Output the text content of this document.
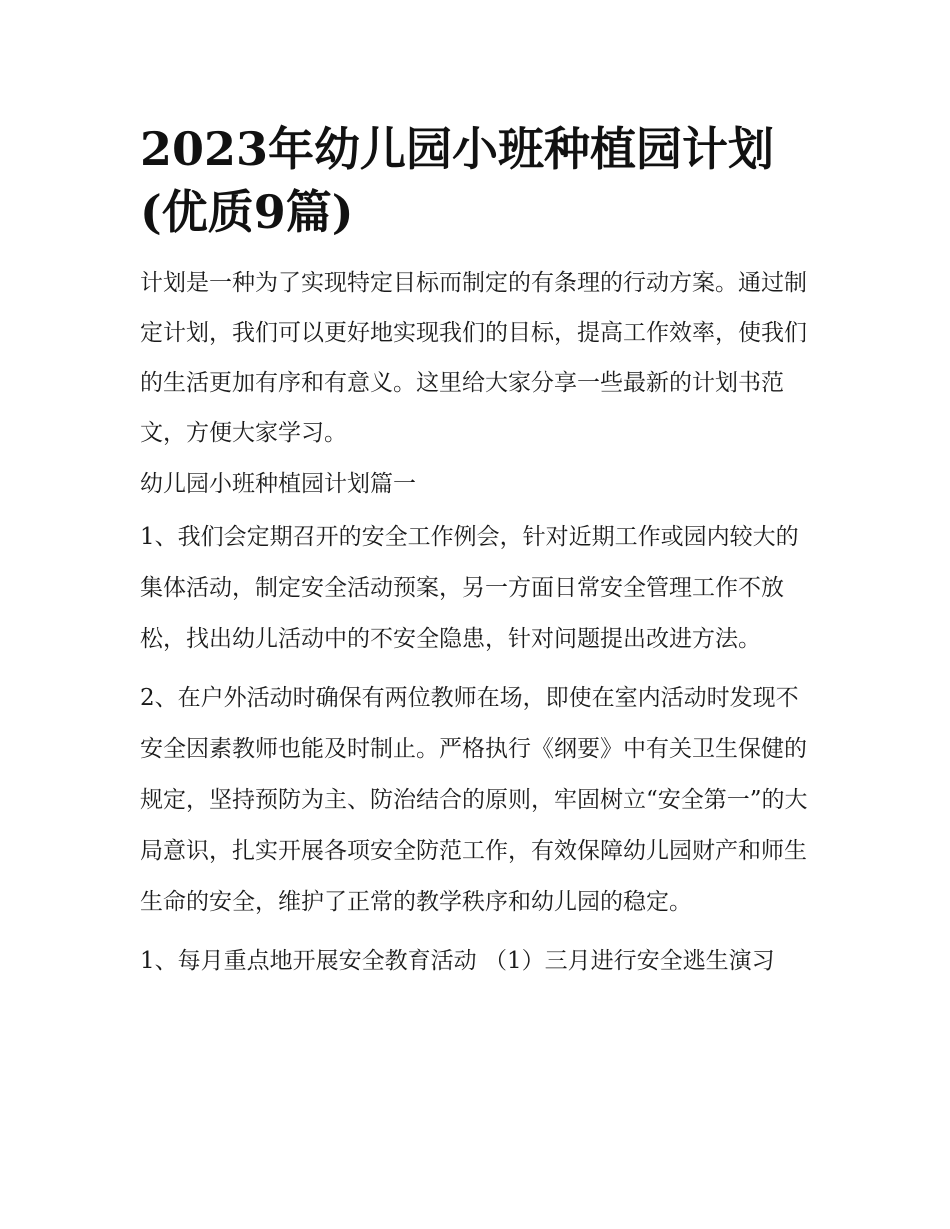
2023年幼儿园小班种植园计划(优质9篇)

计划是一种为了实现特定目标而制定的有条理的行动方案。通过制定计划，我们可以更好地实现我们的目标，提高工作效率，使我们的生活更加有序和有意义。这里给大家分享一些最新的计划书范文，方便大家学习。

幼儿园小班种植园计划篇一

1、我们会定期召开的安全工作例会，针对近期工作或园内较大的集体活动，制定安全活动预案，另一方面日常安全管理工作不放松，找出幼儿活动中的不安全隐患，针对问题提出改进方法。

2、在户外活动时确保有两位教师在场，即使在室内活动时发现不安全因素教师也能及时制止。严格执行《纲要》中有关卫生保健的规定，坚持预防为主、防治结合的原则，牢固树立“安全第一”的大局意识，扎实开展各项安全防范工作，有效保障幼儿园财产和师生生命的安全，维护了正常的教学秩序和幼儿园的稳定。

1、每月重点地开展安全教育活动 （1）三月进行安全逃生演习
